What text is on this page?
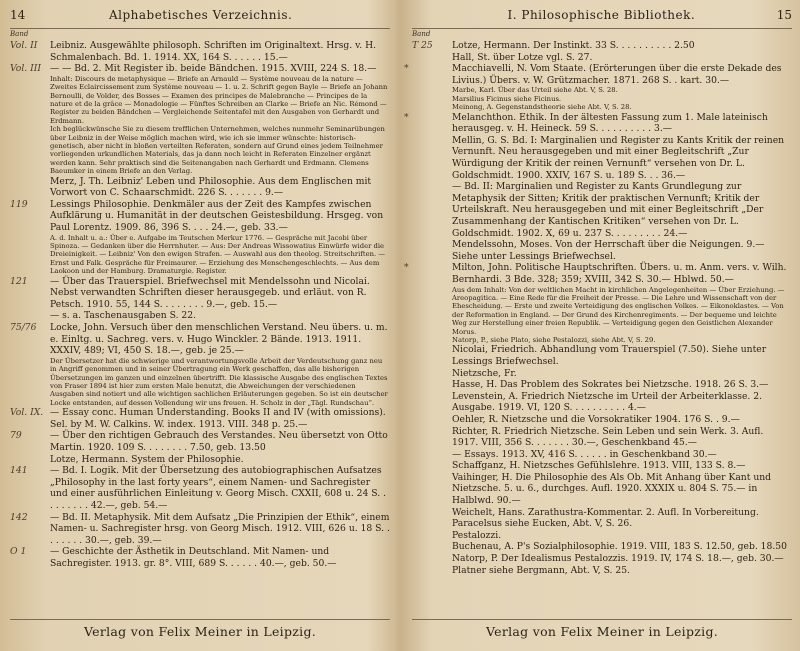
14	Alphabetisches Verzeichnis.
Band
Vol. II	Leibniz. Ausgewählte philosoph. Schriften im Originaltext. Hrsg. v. H. Schmalenbach. Bd. 1. 1914. XX, 164 S. . . . . . 15.—
Vol. III — — Bd. 2. Mit Register ib. beide Bändchen. 1915. XVIII, 224 S. 18.—
Inhalt: Discours de metaphysique — Briefe an Arnauld — Système nouveau de la nature — Zweites Eclaircissement zum Système nouveau — 1. u. 2. Schrift gegen Bayle — Briefe an Johann Bernoulli, de Volder, des Bosses — Examen des principes de Malebranche — Principes de la nature et de la grâce — Monadologie — Fünftes Schreiben an Clarke — Briefe an Nic. Rémond — Register zu beiden Bändchen — Vergleichende Seitentafel mit den Ausgaben von Gerhardt und Erdmann.
Ich beglückwünsche Sie zu diesem trefflichen Unternehmen, welches nunmehr Seminarübungen über Leibniz in der Weise möglich machen wird, wie ich sie immer wünschte: historisch-genetisch, aber nicht in bloßen verteilten Referaten, sondern auf Grund eines jedem Teilnehmer vorliegenden urkundlichen Materials, das ja dann noch leicht in Referaten Einzelner ergänzt werden kann. Sehr praktisch sind die Seitenangaben nach Gerhardt und Erdmann. Clemens Baeumker in einem Briefe an den Verlag.
Merz, J. Th. Leibniz' Leben und Philosophie. Aus dem Englischen mit Vorwort von C. Schaarschmidt. 226 S. . . . . . . 9.—
119	Lessings Philosophie. Denkmäler aus der Zeit des Kampfes zwischen Aufklärung u. Humanität in der deutschen Geistesbildung. Hrsgeg. von Paul Lorentz. 1909. 86, 396 S. . . . 24.—, geb. 33.—
A. d. Inhalt u. a.: Über e. Aufgabe im Teutschen Merkur 1776. — Gespräche mit Jacobi über Spinoza. — Gedanken über die Herrnhuter. — Aus: Der Andreas Wissowatius Einwürfe wider die Dreieinigkeit. — Leibniz' Von den ewigen Strafen. — Auswahl aus den theolog. Streitschriften. — Ernst und Falk. Gespräche für Freimaurer. — Erziehung des Menschengeschlechts. — Aus dem Laokoon und der Hamburg. Dramaturgie. Register.
121	— Über das Trauerspiel. Briefwechsel mit Mendelssohn und Nicolai. Nebst verwandten Schriften dieser herausgegeb. und erläut. von R. Petsch. 1910. 55, 144 S. . . . . . . . 9.—, geb. 15.—
— s. a. Taschenausgaben S. 22.
75/76	Locke, John. Versuch über den menschlichen Verstand. Neu übers. u. m. e. Einltg. u. Sachreg. vers. v. Hugo Winckler. 2 Bände. 1913. 1911. XXXIV, 489; VI, 450 S. 18.—, geb. je 25.—
Der Übersetzer hat die schwierige und verantwortungsvolle Arbeit der Verdeutschung ganz neu in Angriff genommen und in seiner Übertragung ein Werk geschaffen, das alle bisherigen Übersetzungen im ganzen und einzelnen übertrifft. Die klassische Ausgabe des englischen Textes von Fraser 1894 ist hier zum ersten Male benutzt, die Abweichungen der verschiedenen Ausgaben sind notiert und alle wichtigen sachlichen Erläuterungen gegeben. So ist ein deutscher Locke entstanden, auf dessen Vollendung wir uns freuen. H. Scholz in der „Tägl. Rundschau“.
Vol. IX. — Essay conc. Human Understanding. Books II and IV (with omissions). Sel. by M. W. Calkins. W. index. 1913. VIII. 348 p. 25.—
79	— Über den richtigen Gebrauch des Verstandes. Neu übersetzt von Otto Martin. 1920. 109 S. . . . . . . . 7.50, geb. 13.50
Lotze, Hermann. System der Philosophie.
141	— Bd. I. Logik. Mit der Übersetzung des autobiographischen Aufsatzes „Philosophy in the last forty years“, einem Namen- und Sachregister und einer ausführlichen Einleitung v. Georg Misch. CXXII, 608 u. 24 S. . . . . . . . . 42.—, geb. 54.—
142	— Bd. II. Metaphysik. Mit dem Aufsatz „Die Prinzipien der Ethik“, einem Namen- u. Sachregister hrsg. von Georg Misch. 1912. VIII, 626 u. 18 S. . . . . . . . 30.—, geb. 39.—
O 1	— Geschichte der Ästhetik in Deutschland. Mit Namen- und Sachregister. 1913. gr. 8°. VIII, 689 S. . . . . . 40.—, geb. 50.—
Verlag von Felix Meiner in Leipzig.
I. Philosophische Bibliothek.	15
Band
T 25	Lotze, Hermann. Der Instinkt. 33 S. . . . . . . . . . 2.50
Hall, St. über Lotze vgl. S. 27.
*	Macchiavelli, N. Vom Staate. (Erörterungen über die erste Dekade des Livius.) Übers. v. W. Grützmacher. 1871. 268 S. . kart. 30.—
Marbe, Karl. Über das Urteil siehe Abt. V, S. 28.
Marsilius Ficinus siehe Ficinus.
Meinong, A. Gegenstandstheorie siehe Abt. V, S. 28.
*	Melanchthon. Ethik. In der ältesten Fassung zum 1. Male lateinisch herausgeg. v. H. Heineck. 59 S. . . . . . . . . . 3.—
Mellin, G. S. Bd. I: Marginalien und Register zu Kants Kritik der reinen Vernunft. Neu herausgegeben und mit einer Begleitschrift „Zur Würdigung der Kritik der reinen Vernunft“ versehen von Dr. L. Goldschmidt. 1900. XXIV, 167 S. u. 189 S. . . 36.—
— Bd. II: Marginalien und Register zu Kants Grundlegung zur Metaphysik der Sitten; Kritik der praktischen Vernunft; Kritik der Urteilskraft. Neu herausgegeben und mit einer Begleitschrift „Der Zusammenhang der Kantischen Kritiken“ versehen von Dr. L. Goldschmidt. 1902. X, 69 u. 237 S. . . . . . . . . 24.—
Mendelssohn, Moses. Von der Herrschaft über die Neigungen. 9.— Siehe unter Lessings Briefwechsel.
*	Milton, John. Politische Hauptschriften. Übers. u. m. Anm. vers. v. Wilh. Bernhardi. 3 Bde. 328; 359; XVIII, 342 S. 30.— Hblwd. 50.—
Aus dem Inhalt: Von der weltlichen Macht in kirchlichen Angelegenheiten — Über Erziehung. — Areopagitica. — Eine Rede für die Freiheit der Presse. — Die Lehre und Wissenschaft von der Ehescheidung. — Erste und zweite Verteidigung des englischen Volkes. — Eikonoklastes. — Von der Reformation in England. — Der Grund des Kirchenregiments. — Der bequeme und leichte Weg zur Herstellung einer freien Republik. — Verteidigung gegen den Geistlichen Alexander Morus.
Natorp, P., siehe Plato, siehe Pestalozzi, siehe Abt. V, S. 29.
Nicolai, Friedrich. Abhandlung vom Trauerspiel (7.50). Siehe unter Lessings Briefwechsel.
Nietzsche, Fr.
Hasse, H. Das Problem des Sokrates bei Nietzsche. 1918. 26 S. 3.—
Levenstein, A. Friedrich Nietzsche im Urteil der Arbeiterklasse. 2. Ausgabe. 1919. VI, 120 S. . . . . . . . . . 4.—
Oehler, R. Nietzsche und die Vorsokratiker 1904. 176 S. . 9.—
Richter, R. Friedrich Nietzsche. Sein Leben und sein Werk. 3. Aufl. 1917. VIII, 356 S. . . . . . . 30.—, Geschenkband 45.—
— Essays. 1913. XV, 416 S. . . . . . in Geschenkband 30.—
Schaffganz, H. Nietzsches Gefühlslehre. 1913. VIII, 133 S. 8.—
Vaihinger, H. Die Philosophie des Als Ob. Mit Anhang über Kant und Nietzsche. 5. u. 6., durchges. Aufl. 1920. XXXIX u. 804 S. 75.— in Halblwd. 90.—
Weichelt, Hans. Zarathustra-Kommentar. 2. Aufl. In Vorbereitung.
Paracelsus siehe Eucken, Abt. V, S. 26.
Pestalozzi.
Buchenau, A. P's Sozialphilosophie. 1919. VIII, 183 S. 12.50, geb. 18.50
Natorp, P. Der Idealismus Pestalozzis. 1919. IV, 174 S. 18.—, geb. 30.—
Platner siehe Bergmann, Abt. V, S. 25.
Verlag von Felix Meiner in Leipzig.
